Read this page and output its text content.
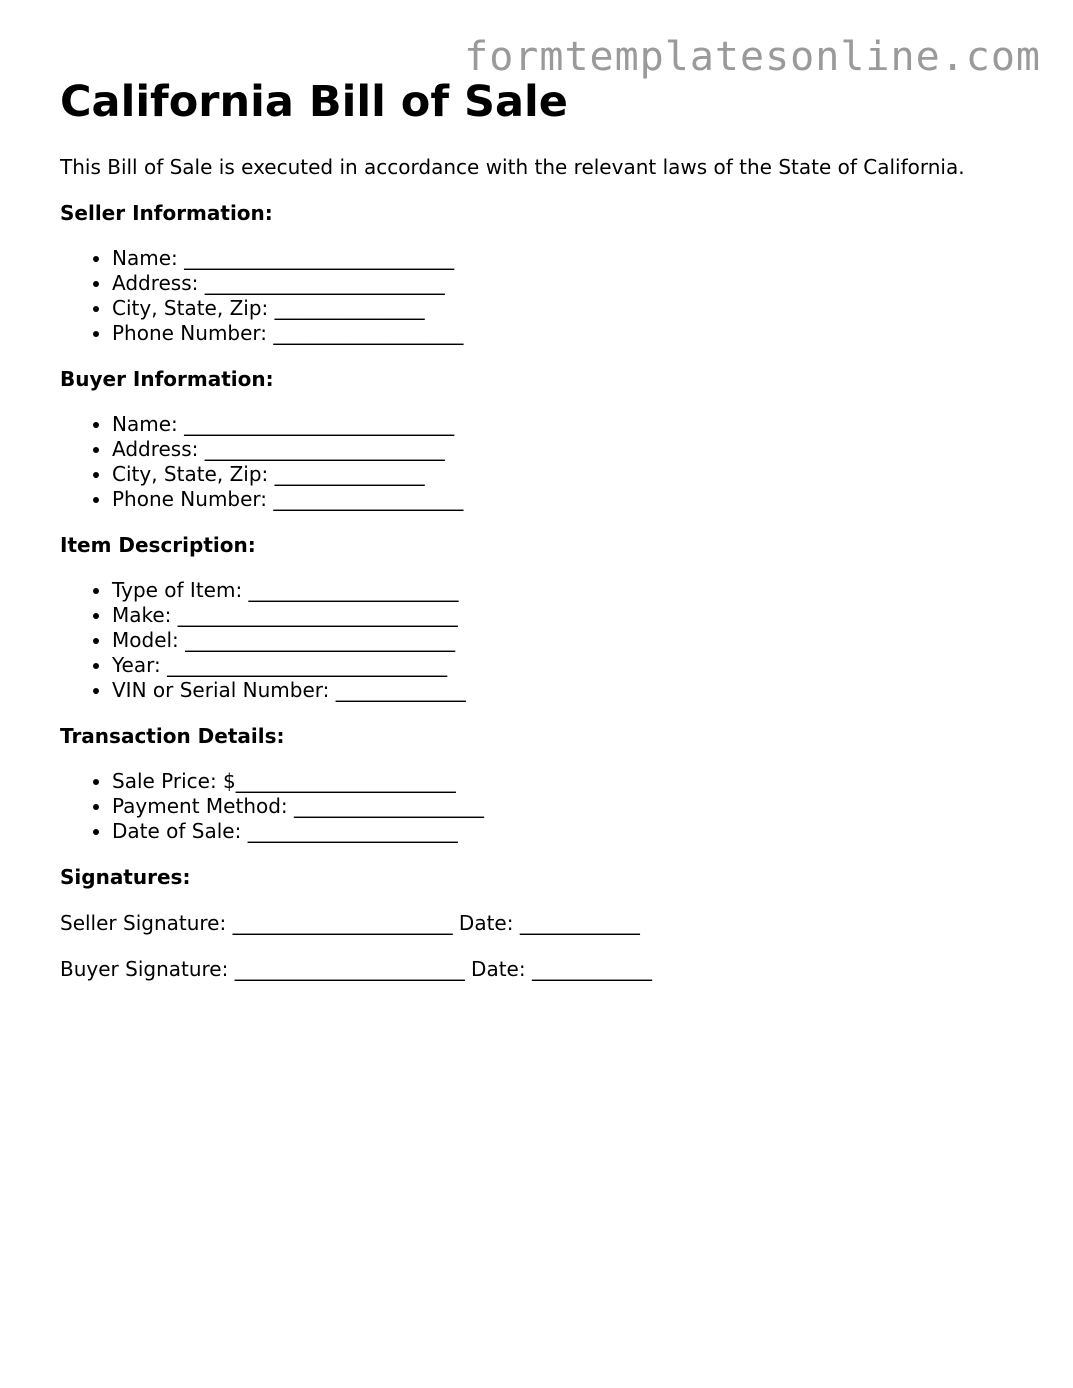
formtemplatesonline.com
California Bill of Sale

This Bill of Sale is executed in accordance with the relevant laws of the State of California.

Seller Information:
• Name: ___________________________
• Address: ________________________
• City, State, Zip: _______________
• Phone Number: ___________________
Buyer Information:
• Name: ___________________________
• Address: ________________________
• City, State, Zip: _______________
• Phone Number: ___________________
Item Description:
• Type of Item: _____________________
• Make: ____________________________
• Model: ___________________________
• Year: ____________________________
• VIN or Serial Number: _____________
Transaction Details:
• Sale Price: $______________________
• Payment Method: ___________________
• Date of Sale: _____________________
Signatures:

Seller Signature: ______________________ Date: ____________

Buyer Signature: _______________________ Date: ____________
